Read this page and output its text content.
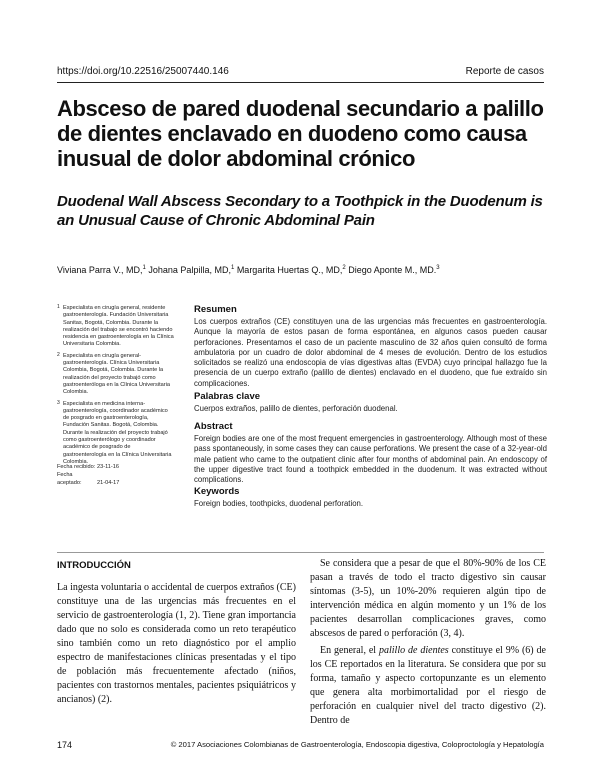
https://doi.org/10.22516/25007440.146	Reporte de casos
Absceso de pared duodenal secundario a palillo de dientes enclavado en duodeno como causa inusual de dolor abdominal crónico
Duodenal Wall Abscess Secondary to a Toothpick in the Duodenum is an Unusual Cause of Chronic Abdominal Pain
Viviana Parra V., MD,$^1$ Johana Palpilla, MD,$^1$ Margarita Huertas Q., MD,$^2$ Diego Aponte M., MD.$^3$
1 Especialista en cirugía general, residente gastroenterología. Fundación Universitaria Sanitas, Bogotá, Colombia. Durante la realización del trabajo se encontró haciendo residencia en gastroenterología en la Clínica Universitaria Colombia.
2 Especialista en cirugía general-gastroenterología. Clínica Universitaria Colombia, Bogotá, Colombia. Durante la realización del proyecto trabajó como gastroenteróloga en la Clínica Universitaria Colombia.
3 Especialista en medicina interna-gastroenterología, coordinador académico de posgrado en gastroenterología, Fundación Sanitas. Bogotá, Colombia. Durante la realización del proyecto trabajó como gastroenterólogo y coordinador académico de posgrado de gastroenterología en la Clínica Universitaria Colombia.
Fecha recibido: 23-11-16
Fecha aceptado:	21-04-17
Resumen
Los cuerpos extraños (CE) constituyen una de las urgencias más frecuentes en gastroenterología. Aunque la mayoría de estos pasan de forma espontánea, en algunos casos pueden causar perforaciones. Presentamos el caso de un paciente masculino de 32 años quien consultó de forma ambulatoria por un cuadro de dolor abdominal de 4 meses de evolución. Dentro de los estudios solicitados se realizó una endoscopia de vías digestivas altas (EVDA) cuyo principal hallazgo fue la presencia de un cuerpo extraño (palillo de dientes) enclavado en el duodeno, que fue extraído sin complicaciones.
Palabras clave
Cuerpos extraños, palillo de dientes, perforación duodenal.
Abstract
Foreign bodies are one of the most frequent emergencies in gastroenterology. Although most of these pass spontaneously, in some cases they can cause perforations. We present the case of a 32-year-old male patient who came to the outpatient clinic after four months of abdominal pain. An endoscopy of the upper digestive tract found a toothpick embedded in the duodenum. It was extracted without complications.
Keywords
Foreign bodies, toothpicks, duodenal perforation.
INTRODUCCIÓN

La ingesta voluntaria o accidental de cuerpos extraños (CE) constituye una de las urgencias más frecuentes en el servicio de gastroenterología (1, 2). Tiene gran importancia dado que no solo es considerada como un reto terapéutico sino también como un reto diagnóstico por el amplio espectro de manifestaciones clínicas presentadas y el tipo de población más frecuentemente afectado (niños, pacientes con trastornos mentales, pacientes psiquiátricos y ancianos) (2).

Se considera que a pesar de que el 80%-90% de los CE pasan a través de todo el tracto digestivo sin causar síntomas (3-5), un 10%-20% requieren algún tipo de intervención médica en algún momento y un 1% de los pacientes desarrollan complicaciones graves, como abscesos de pared o perforación (3, 4).

En general, el palillo de dientes constituye el 9% (6) de los CE reportados en la literatura. Se considera que por su forma, tamaño y aspecto cortopunzante es un elemento que genera alta morbimortalidad por el riesgo de perforación en cualquier nivel del tracto digestivo (2). Dentro de

174	© 2017 Asociaciones Colombianas de Gastroenterología, Endoscopia digestiva, Coloproctología y Hepatología
